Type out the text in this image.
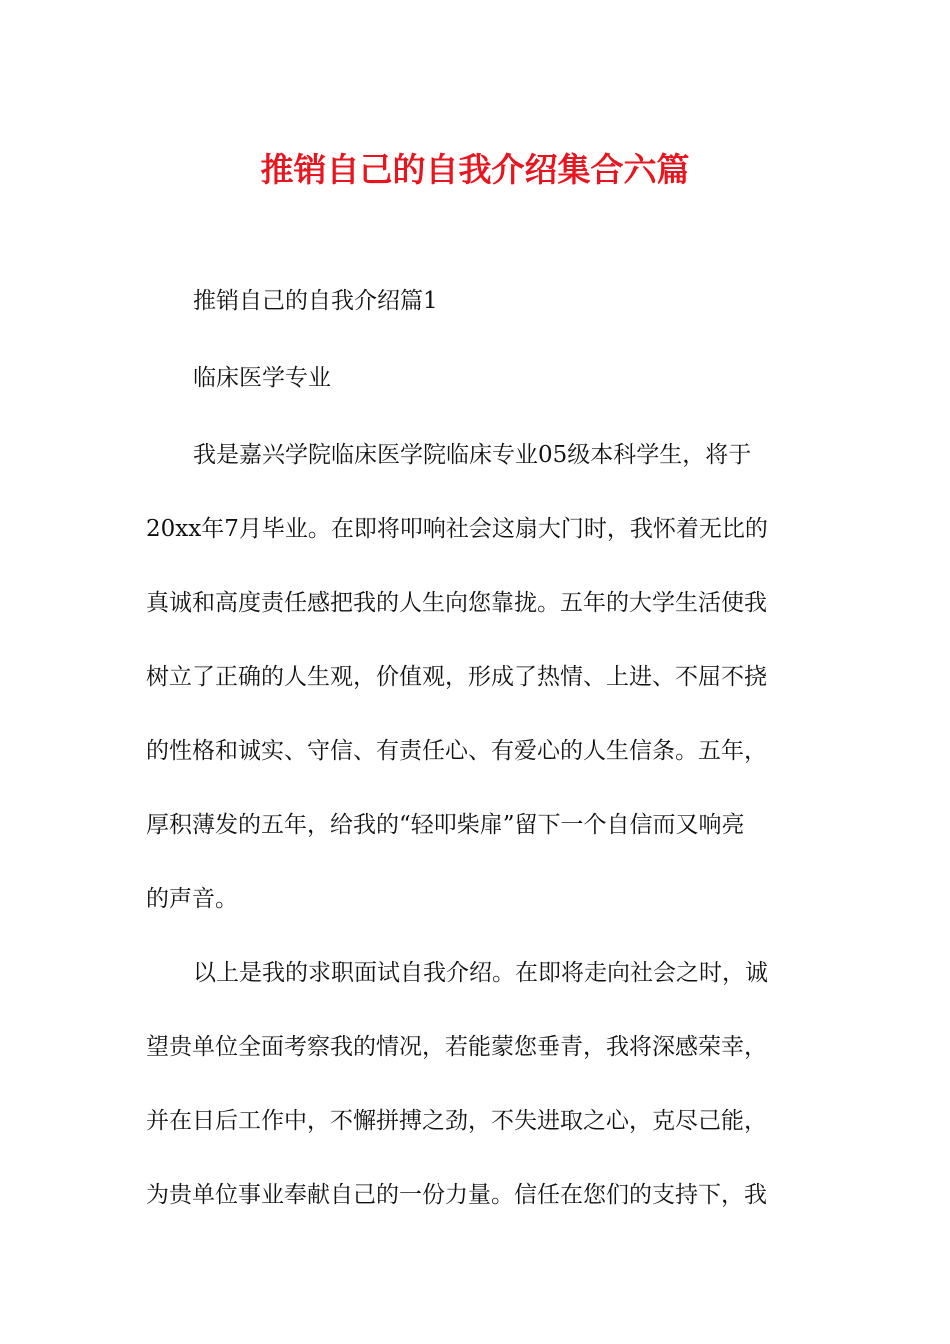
推销自己的自我介绍集合六篇

推销自己的自我介绍篇1

临床医学专业

我是嘉兴学院临床医学院临床专业05级本科学生，将于
20xx年7月毕业。在即将叩响社会这扇大门时，我怀着无比的
真诚和高度责任感把我的人生向您靠拢。五年的大学生活使我
树立了正确的人生观，价值观，形成了热情、上进、不屈不挠
的性格和诚实、守信、有责任心、有爱心的人生信条。五年，
厚积薄发的五年，给我的“轻叩柴扉”留下一个自信而又响亮
的声音。

以上是我的求职面试自我介绍。在即将走向社会之时，诚
望贵单位全面考察我的情况，若能蒙您垂青，我将深感荣幸，
并在日后工作中，不懈拼搏之劲，不失进取之心，克尽己能，
为贵单位事业奉献自己的一份力量。信任在您们的支持下，我
